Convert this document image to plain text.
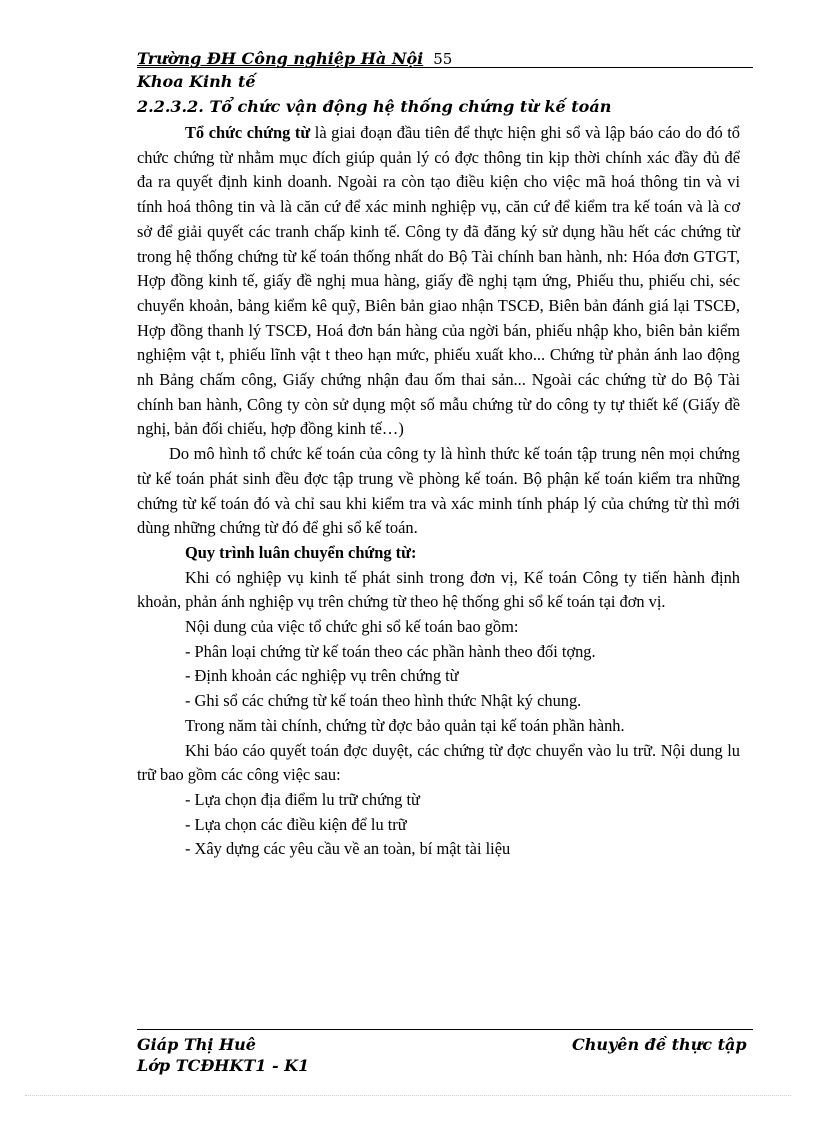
Trường ĐH Công nghiệp Hà Nội 55
Khoa Kinh tế
2.2.3.2. Tổ chức vận động hệ thống chứng từ kế toán

Tổ chức chứng từ là giai đoạn đầu tiên để thực hiện ghi sổ và lập báo cáo do đó tổ chức chứng từ nhằm mục đích giúp quản lý có đợc thông tin kịp thời chính xác đầy đủ để đa ra quyết định kinh doanh. Ngoài ra còn tạo điều kiện cho việc mã hoá thông tin và vi tính hoá thông tin và là căn cứ để xác minh nghiệp vụ, căn cứ để kiểm tra kế toán và là cơ sở để giải quyết các tranh chấp kinh tế. Công ty đã đăng ký sử dụng hầu hết các chứng từ trong hệ thống chứng từ kế toán thống nhất do Bộ Tài chính ban hành, nh: Hóa đơn GTGT, Hợp đồng kinh tế, giấy đề nghị mua hàng, giấy đề nghị tạm ứng, Phiếu thu, phiếu chi, séc chuyển khoản, bảng kiểm kê quỹ, Biên bản giao nhận TSCĐ, Biên bản đánh giá lại TSCĐ, Hợp đồng thanh lý TSCĐ, Hoá đơn bán hàng của ngời bán, phiếu nhập kho, biên bản kiểm nghiệm vật t, phiếu lĩnh vật t theo hạn mức, phiếu xuất kho... Chứng từ phản ánh lao động nh Bảng chấm công, Giấy chứng nhận đau ốm thai sản... Ngoài các chứng từ do Bộ Tài chính ban hành, Công ty còn sử dụng một số mẫu chứng từ do công ty tự thiết kế (Giấy đề nghị, bản đối chiếu, hợp đồng kinh tế…)

Do mô hình tổ chức kế toán của công ty là hình thức kế toán tập trung nên mọi chứng từ kế toán phát sinh đều đợc tập trung về phòng kế toán. Bộ phận kế toán kiểm tra những chứng từ kế toán đó và chỉ sau khi kiểm tra và xác minh tính pháp lý của chứng từ thì mới dùng những chứng từ đó để ghi sổ kế toán.

Quy trình luân chuyển chứng từ:

Khi có nghiệp vụ kinh tế phát sinh trong đơn vị, Kế toán Công ty tiến hành định khoản, phản ánh nghiệp vụ trên chứng từ theo hệ thống ghi sổ kế toán tại đơn vị.

Nội dung của việc tổ chức ghi sổ kế toán bao gồm:

- Phân loại chứng từ kế toán theo các phần hành theo đối tợng.

- Định khoản các nghiệp vụ trên chứng từ

- Ghi sổ các chứng từ kế toán theo hình thức Nhật ký chung.

Trong năm tài chính, chứng từ đợc bảo quản tại kế toán phần hành.

Khi báo cáo quyết toán đợc duyệt, các chứng từ đợc chuyển vào lu trữ. Nội dung lu trữ bao gồm các công việc sau:

- Lựa chọn địa điểm lu trữ chứng từ

- Lựa chọn các điều kiện để lu trữ

- Xây dựng các yêu cầu về an toàn, bí mật tài liệu

Giáp Thị Huê	Chuyên đề thực tập
Lớp TCĐHKT1 - K1
